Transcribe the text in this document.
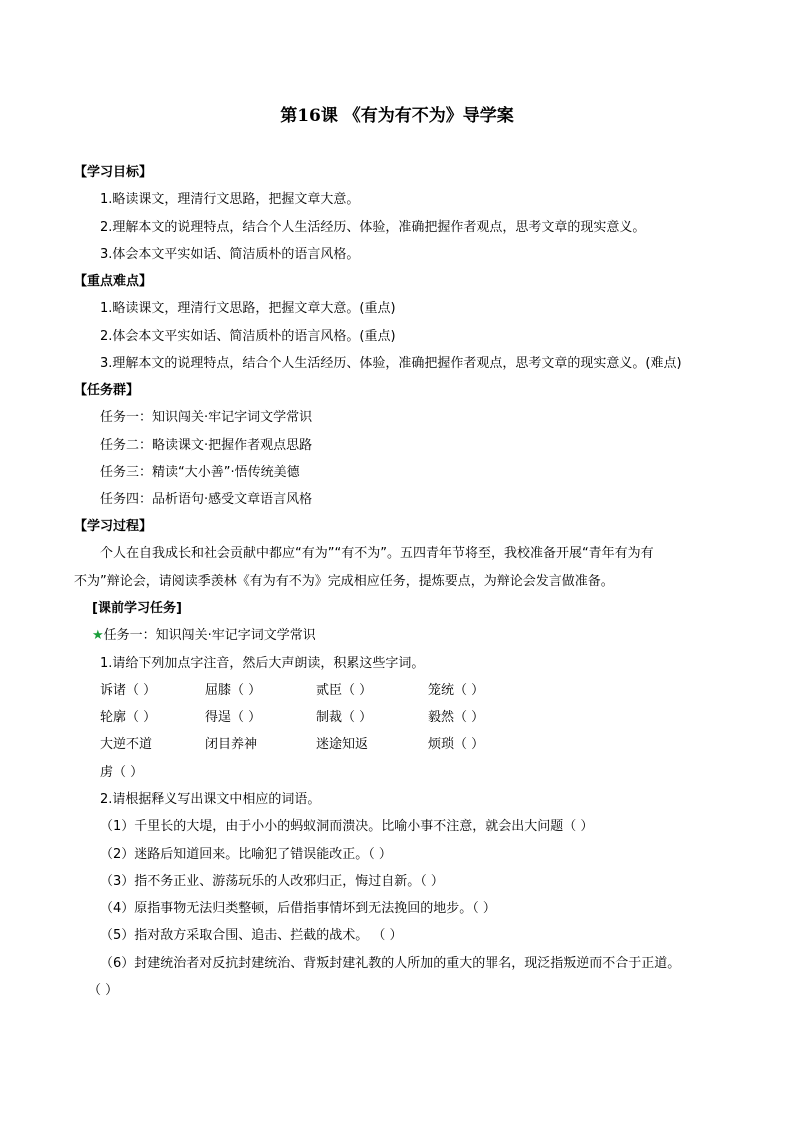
第16课 《有为有不为》导学案
【学习目标】
1.略读课文，理清行文思路，把握文章大意。
2.理解本文的说理特点，结合个人生活经历、体验，准确把握作者观点，思考文章的现实意义。
3.体会本文平实如话、简洁质朴的语言风格。
【重点难点】
1.略读课文，理清行文思路，把握文章大意。(重点)
2.体会本文平实如话、简洁质朴的语言风格。(重点)
3.理解本文的说理特点，结合个人生活经历、体验，准确把握作者观点，思考文章的现实意义。(难点)
【任务群】
任务一：知识闯关·牢记字词文学常识
任务二：略读课文·把握作者观点思路
任务三：精读“大小善”·悟传统美德
任务四：品析语句·感受文章语言风格
【学习过程】
个人在自我成长和社会贡献中都应“有为”“有不为”。五四青年节将至，我校准备开展“青年有为有
不为”辩论会，请阅读季羡林《有为有不为》完成相应任务，提炼要点，为辩论会发言做准备。
[课前学习任务]
★任务一：知识闯关·牢记字词文学常识
1.请给下列加点字注音，然后大声朗读，积累这些字词。
诉诸（ ）	屈膝（ ）	贰臣（ ）	笼统（ ）
轮廓（ ）	得逞（ ）	制裁（ ）	毅然（ ）
大逆不道	闭目养神	迷途知返	烦琐（ ）
虏（ ）
2.请根据释义写出课文中相应的词语。
（1）千里长的大堤，由于小小的蚂蚁洞而溃决。比喻小事不注意，就会出大问题（ ）
（2）迷路后知道回来。比喻犯了错误能改正。（ ）
（3）指不务正业、游荡玩乐的人改邪归正，悔过自新。（ ）
（4）原指事物无法归类整顿，后借指事情坏到无法挽回的地步。（ ）
（5）指对敌方采取合围、追击、拦截的战术。 （ ）
（6）封建统治者对反抗封建统治、背叛封建礼教的人所加的重大的罪名，现泛指叛逆而不合于正道。
（ ）
